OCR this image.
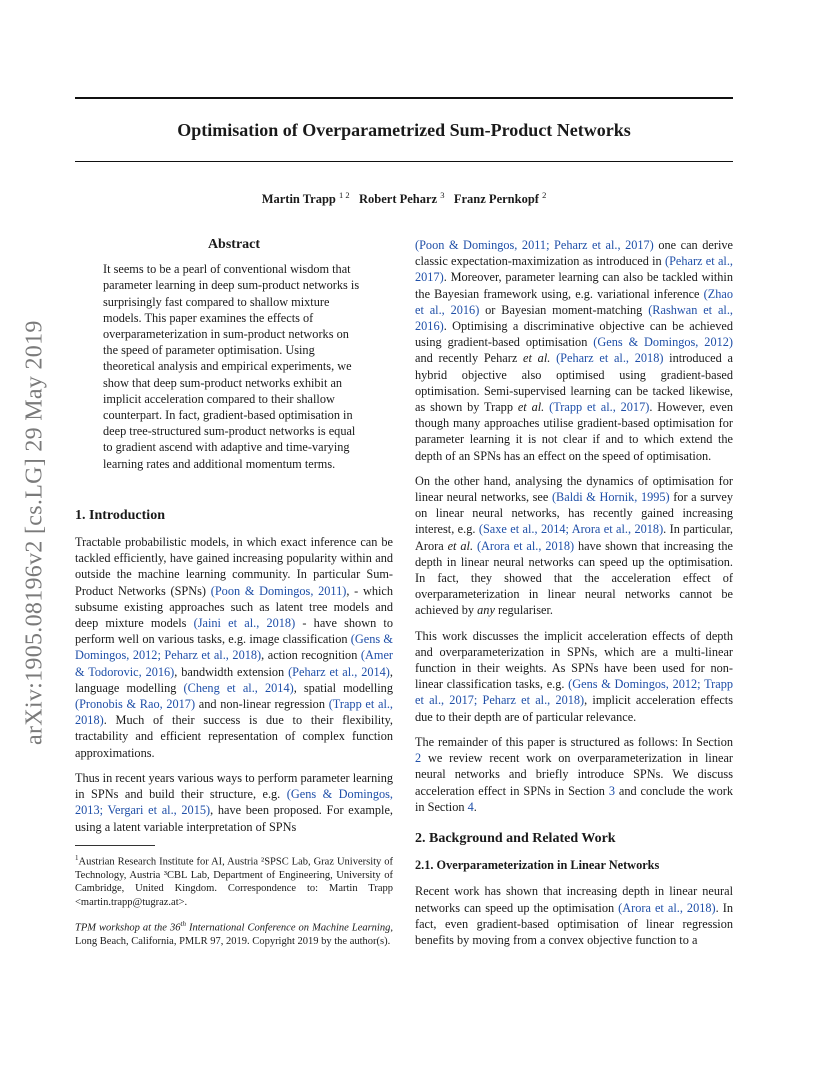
Optimisation of Overparametrized Sum-Product Networks
Martin Trapp $^{1 2}$ Robert Peharz $^3$ Franz Pernkopf $^2$
arXiv:1905.08196v2 [cs.LG] 29 May 2019
Abstract

It seems to be a pearl of conventional wisdom that parameter learning in deep sum-product networks is surprisingly fast compared to shallow mixture models. This paper examines the effects of overparameterization in sum-product networks on the speed of parameter optimisation. Using theoretical analysis and empirical experiments, we show that deep sum-product networks exhibit an implicit acceleration compared to their shallow counterpart. In fact, gradient-based optimisation in deep tree-structured sum-product networks is equal to gradient ascend with adaptive and time-varying learning rates and additional momentum terms.

1. Introduction

Tractable probabilistic models, in which exact inference can be tackled efficiently, have gained increasing popularity within and outside the machine learning community. In particular Sum-Product Networks (SPNs) (Poon & Domingos, 2011), - which subsume existing approaches such as latent tree models and deep mixture models (Jaini et al., 2018) - have shown to perform well on various tasks, e.g. image classification (Gens & Domingos, 2012; Peharz et al., 2018), action recognition (Amer & Todorovic, 2016), bandwidth extension (Peharz et al., 2014), language modelling (Cheng et al., 2014), spatial modelling (Pronobis & Rao, 2017) and non-linear regression (Trapp et al., 2018). Much of their success is due to their flexibility, tractability and efficient representation of complex function approximations.

Thus in recent years various ways to perform parameter learning in SPNs and build their structure, e.g. (Gens & Domingos, 2013; Vergari et al., 2015), have been proposed. For example, using a latent variable interpretation of SPNs

$^1$Austrian Research Institute for AI, Austria ²SPSC Lab, Graz University of Technology, Austria ³CBL Lab, Department of Engineering, University of Cambridge, United Kingdom. Correspondence to: Martin Trapp <martin.trapp@tugraz.at>.

TPM workshop at the 36th International Conference on Machine Learning, Long Beach, California, PMLR 97, 2019. Copyright 2019 by the author(s).

(Poon & Domingos, 2011; Peharz et al., 2017) one can derive classic expectation-maximization as introduced in (Peharz et al., 2017). Moreover, parameter learning can also be tackled within the Bayesian framework using, e.g. variational inference (Zhao et al., 2016) or Bayesian moment-matching (Rashwan et al., 2016). Optimising a discriminative objective can be achieved using gradient-based optimisation (Gens & Domingos, 2012) and recently Peharz et al. (Peharz et al., 2018) introduced a hybrid objective also optimised using gradient-based optimisation. Semi-supervised learning can be tacked likewise, as shown by Trapp et al. (Trapp et al., 2017). However, even though many approaches utilise gradient-based optimisation for parameter learning it is not clear if and to which extend the depth of an SPNs has an effect on the speed of optimisation.

On the other hand, analysing the dynamics of optimisation for linear neural networks, see (Baldi & Hornik, 1995) for a survey on linear neural networks, has recently gained increasing interest, e.g. (Saxe et al., 2014; Arora et al., 2018). In particular, Arora et al. (Arora et al., 2018) have shown that increasing the depth in linear neural networks can speed up the optimisation. In fact, they showed that the acceleration effect of overparameterization in linear neural networks cannot be achieved by any regulariser.

This work discusses the implicit acceleration effects of depth and overparameterization in SPNs, which are a multi-linear function in their weights. As SPNs have been used for non-linear classification tasks, e.g. (Gens & Domingos, 2012; Trapp et al., 2017; Peharz et al., 2018), implicit acceleration effects due to their depth are of particular relevance.

The remainder of this paper is structured as follows: In Section 2 we review recent work on overparameterization in linear neural networks and briefly introduce SPNs. We discuss acceleration effect in SPNs in Section 3 and conclude the work in Section 4.

2. Background and Related Work
2.1. Overparameterization in Linear Networks

Recent work has shown that increasing depth in linear neural networks can speed up the optimisation (Arora et al., 2018). In fact, even gradient-based optimisation of linear regression benefits by moving from a convex objective function to a
